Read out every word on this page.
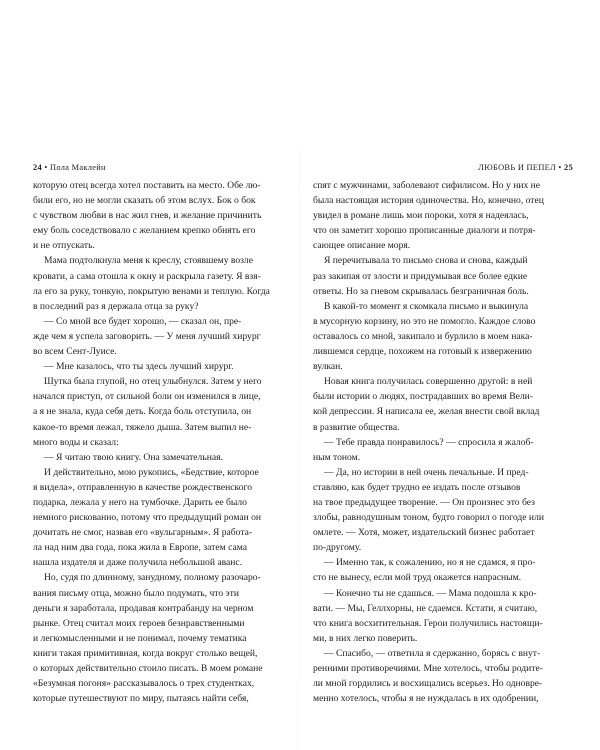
24 • Пола Маклейн
которую отец всегда хотел поставить на место. Обе лю-
били его, но не могли сказать об этом вслух. Бок о бок
с чувством любви в нас жил гнев, и желание причинить
ему боль соседствовало с желанием крепко обнять его
и не отпускать.
Мама подтолкнула меня к креслу, стоявшему возле
кровати, а сама отошла к окну и раскрыла газету. Я взя-
ла его за руку, тонкую, покрытую венами и теплую. Когда
в последний раз я держала отца за руку?
— Со мной все будет хорошо, — сказал он, пре-
жде чем я успела заговорить. — У меня лучший хирург
во всем Сент-Луисе.
— Мне казалось, что ты здесь лучший хирург.
Шутка была глупой, но отец улыбнулся. Затем у него
начался приступ, от сильной боли он изменился в лице,
а я не знала, куда себя деть. Когда боль отступила, он
какое-то время лежал, тяжело дыша. Затем выпил не-
много воды и сказал:
— Я читаю твою книгу. Она замечательная.
И действительно, мою рукопись, «Бедствие, которое
я видела», отправленную в качестве рождественского
подарка, лежала у него на тумбочке. Дарить ее было
немного рискованно, потому что предыдущий роман он
дочитать не смог, назвав его «вульгарным». Я работа-
ла над ним два года, пока жила в Европе, затем сама
нашла издателя и даже получила небольшой аванс.
Но, судя по длинному, занудному, полному разочаро-
вания письму отца, можно было подумать, что эти
деньги я заработала, продавая контрабанду на черном
рынке. Отец считал моих героев безнравственными
и легкомысленными и не понимал, почему тематика
книги такая примитивная, когда вокруг столько вещей,
о которых действительно стоило писать. В моем романе
«Безумная погоня» рассказывалось о трех студентках,
которые путешествуют по миру, пытаясь найти себя,
ЛЮБОВЬ И ПЕПЕЛ • 25
спят с мужчинами, заболевают сифилисом. Но у них не
была настоящая история одиночества. Но, конечно, отец
увидел в романе лишь мои пороки, хотя я надеялась,
что он заметит хорошо прописанные диалоги и потря-
сающее описание моря.
Я перечитывала то письмо снова и снова, каждый
раз закипая от злости и придумывая все более едкие
ответы. Но за гневом скрывалась безграничная боль.
В какой-то момент я скомкала письмо и выкинула
в мусорную корзину, но это не помогло. Каждое слово
оставалось со мной, закипало и бурлило в моем нака-
лившемся сердце, похожем на готовый к извержению
вулкан.
Новая книга получилась совершенно другой: в ней
были истории о людях, пострадавших во время Вели-
кой депрессии. Я написала ее, желая внести свой вклад
в развитие общества.
— Тебе правда понравилось? — спросила я жалоб-
ным тоном.
— Да, но истории в ней очень печальные. И пред-
ставляю, как будет трудно ее издать после отзывов
на твое предыдущее творение. — Он произнес это без
злобы, равнодушным тоном, будто говорил о погоде или
омлете. — Хотя, может, издательский бизнес работает
по-другому.
— Именно так, к сожалению, но я не сдамся, я про-
сто не вынесу, если мой труд окажется напрасным.
— Конечно ты не сдашься. — Мама подошла к кро-
вати. — Мы, Геллхорны, не сдаемся. Кстати, я считаю,
что книга восхитительная. Герои получились настоящи-
ми, в них легко поверить.
— Спасибо, — ответила я сдержанно, борясь с внут-
ренними противоречиями. Мне хотелось, чтобы родите-
ли мной гордились и восхищались всерьез. Но одновре-
менно хотелось, чтобы я не нуждалась в их одобрении,
